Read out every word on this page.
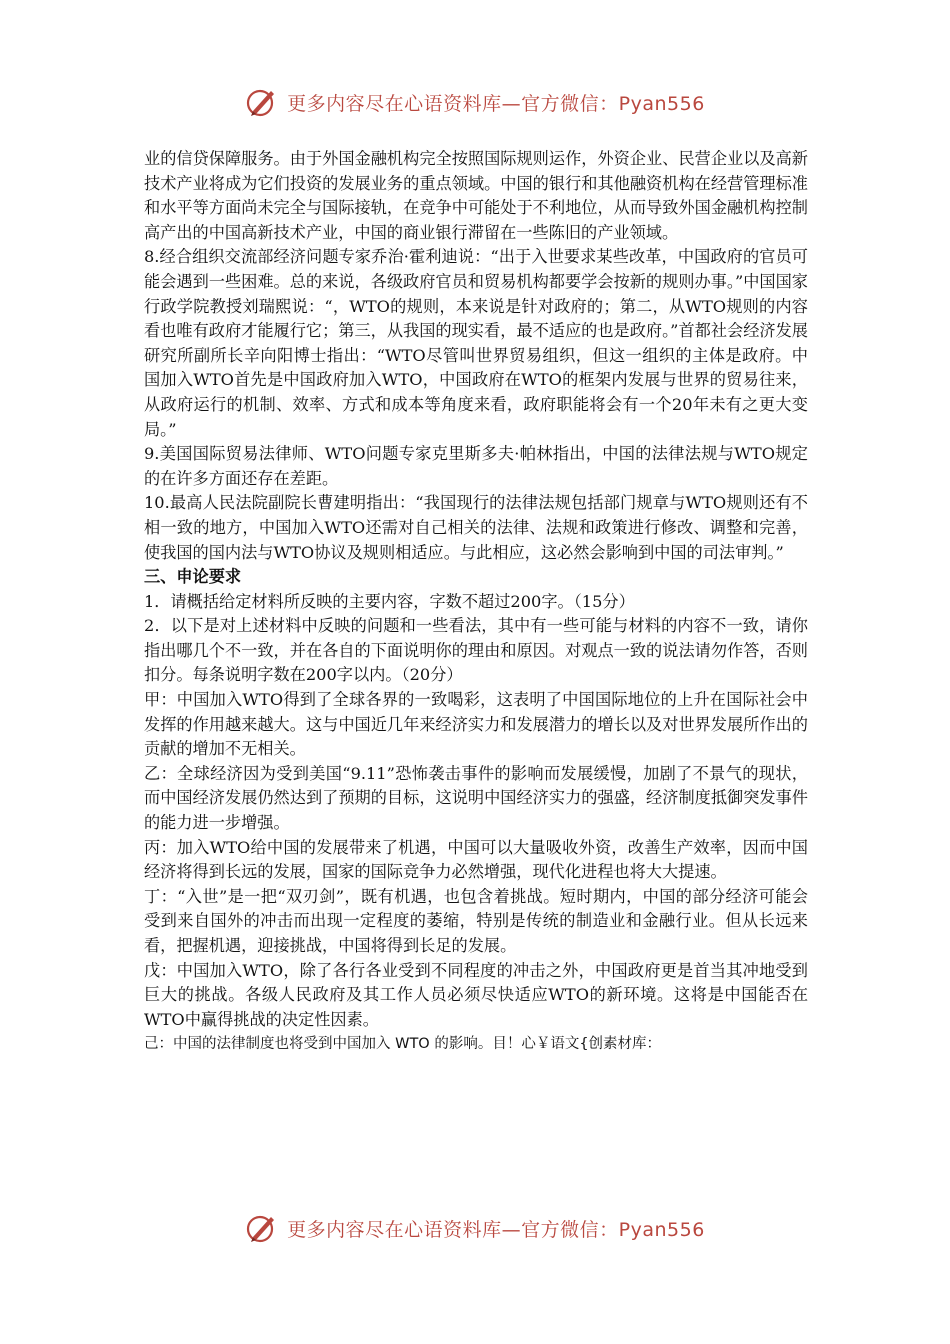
更多内容尽在心语资料库—官方微信：Pyan556

业的信贷保障服务。由于外国金融机构完全按照国际规则运作，外资企业、民营企业以及高新技术产业将成为它们投资的发展业务的重点领域。中国的银行和其他融资机构在经营管理标准和水平等方面尚未完全与国际接轨，在竞争中可能处于不利地位，从而导致外国金融机构控制高产出的中国高新技术产业，中国的商业银行滞留在一些陈旧的产业领域。

8.经合组织交流部经济问题专家乔治·霍利迪说：“出于入世要求某些改革，中国政府的官员可能会遇到一些困难。总的来说，各级政府官员和贸易机构都要学会按新的规则办事。”中国国家行政学院教授刘瑞熙说：“，WTO的规则，本来说是针对政府的；第二，从WTO规则的内容看也唯有政府才能履行它；第三，从我国的现实看，最不适应的也是政府。”首都社会经济发展研究所副所长辛向阳博士指出：“WTO尽管叫世界贸易组织，但这一组织的主体是政府。中国加入WTO首先是中国政府加入WTO，中国政府在WTO的框架内发展与世界的贸易往来，从政府运行的机制、效率、方式和成本等角度来看，政府职能将会有一个20年未有之更大变局。”

9.美国国际贸易法律师、WTO问题专家克里斯多夫·帕林指出，中国的法律法规与WTO规定的在许多方面还存在差距。

10.最高人民法院副院长曹建明指出：“我国现行的法律法规包括部门规章与WTO规则还有不相一致的地方，中国加入WTO还需对自己相关的法律、法规和政策进行修改、调整和完善，使我国的国内法与WTO协议及规则相适应。与此相应，这必然会影响到中国的司法审判。”

三、申论要求

1．请概括给定材料所反映的主要内容，字数不超过200字。（15分）

2．以下是对上述材料中反映的问题和一些看法，其中有一些可能与材料的内容不一致，请你指出哪几个不一致，并在各自的下面说明你的理由和原因。对观点一致的说法请勿作答，否则扣分。每条说明字数在200字以内。（20分）

甲：中国加入WTO得到了全球各界的一致喝彩，这表明了中国国际地位的上升在国际社会中发挥的作用越来越大。这与中国近几年来经济实力和发展潜力的增长以及对世界发展所作出的贡献的增加不无相关。

乙：全球经济因为受到美国“9.11”恐怖袭击事件的影响而发展缓慢，加剧了不景气的现状，而中国经济发展仍然达到了预期的目标，这说明中国经济实力的强盛，经济制度抵御突发事件的能力进一步增强。

丙：加入WTO给中国的发展带来了机遇，中国可以大量吸收外资，改善生产效率，因而中国经济将得到长远的发展，国家的国际竞争力必然增强，现代化进程也将大大提速。

丁：“入世”是一把“双刃剑”，既有机遇，也包含着挑战。短时期内，中国的部分经济可能会受到来自国外的冲击而出现一定程度的萎缩，特别是传统的制造业和金融行业。但从长远来看，把握机遇，迎接挑战，中国将得到长足的发展。

戊：中国加入WTO，除了各行各业受到不同程度的冲击之外，中国政府更是首当其冲地受到巨大的挑战。各级人民政府及其工作人员必须尽快适应WTO的新环境。这将是中国能否在WTO中赢得挑战的决定性因素。

己：中国的法律制度也将受到中国加入 WTO 的影响。目！心￥语文{创素材库：

更多内容尽在心语资料库—官方微信：Pyan556
